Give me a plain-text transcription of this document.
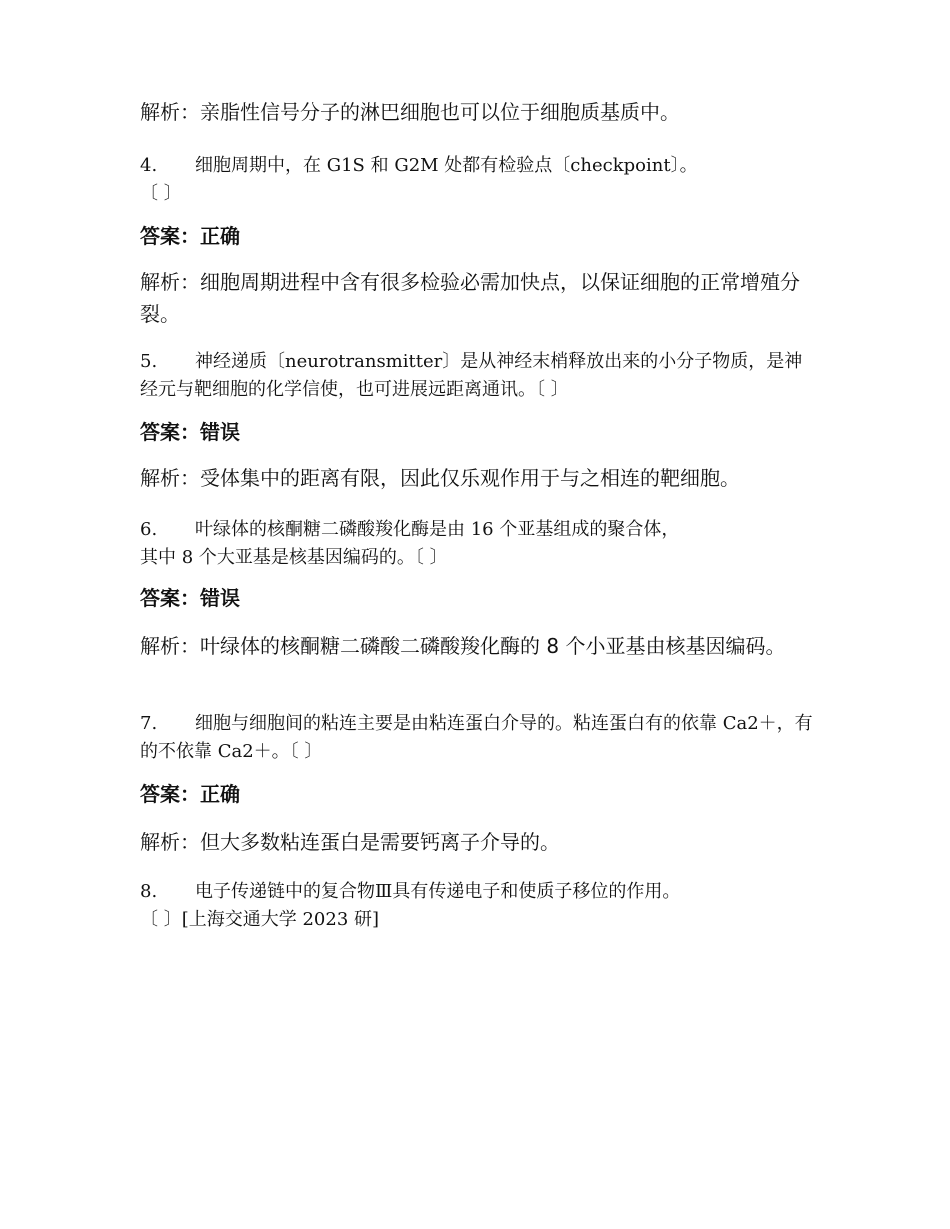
解析：亲脂性信号分子的淋巴细胞也可以位于细胞质基质中。

4. 细胞周期中，在 G1S 和 G2M 处都有检验点〔checkpoint〕。
〔 〕

答案：正确

解析：细胞周期进程中含有很多检验必需加快点，以保证细胞的正常增殖分裂。

5. 神经递质〔neurotransmitter〕是从神经末梢释放出来的小分子物质，是神经元与靶细胞的化学信使，也可进展远距离通讯。〔 〕

答案：错误

解析：受体集中的距离有限，因此仅乐观作用于与之相连的靶细胞。

6. 叶绿体的核酮糖二磷酸羧化酶是由 16 个亚基组成的聚合体，
其中 8 个大亚基是核基因编码的。〔 〕

答案：错误

解析：叶绿体的核酮糖二磷酸二磷酸羧化酶的 8 个小亚基由核基因编码。

7. 细胞与细胞间的粘连主要是由粘连蛋白介导的。粘连蛋白有的依靠 Ca2＋，有的不依靠 Ca2＋。〔 〕

答案：正确

解析：但大多数粘连蛋白是需要钙离子介导的。

8. 电子传递链中的复合物Ⅲ具有传递电子和使质子移位的作用。
〔 〕[上海交通大学 2023 研]
